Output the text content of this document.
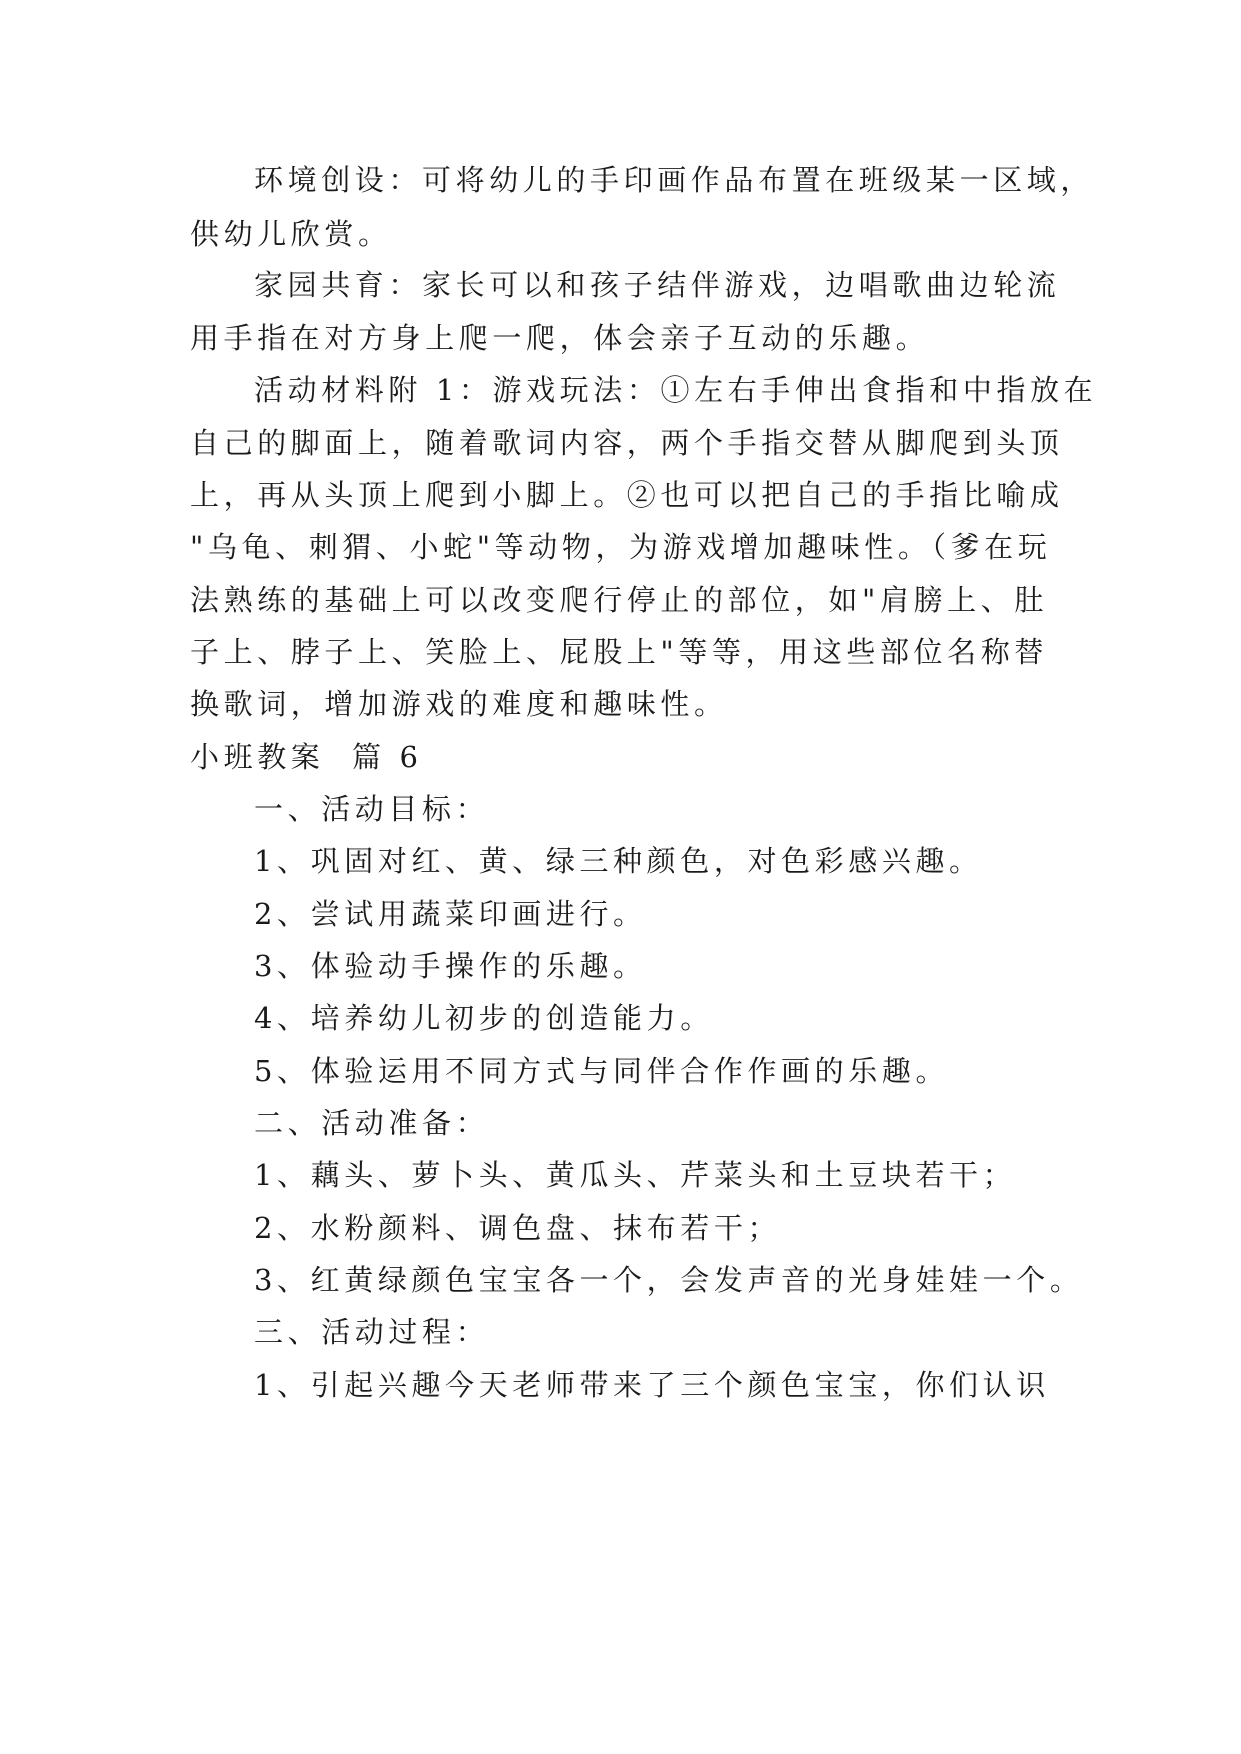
环境创设：可将幼儿的手印画作品布置在班级某一区域，
供幼儿欣赏。
家园共育：家长可以和孩子结伴游戏，边唱歌曲边轮流
用手指在对方身上爬一爬，体会亲子互动的乐趣。
活动材料附 1：游戏玩法：①左右手伸出食指和中指放在
自己的脚面上，随着歌词内容，两个手指交替从脚爬到头顶
上，再从头顶上爬到小脚上。②也可以把自己的手指比喻成
"乌龟、刺猬、小蛇"等动物，为游戏增加趣味性。（爹在玩
法熟练的基础上可以改变爬行停止的部位，如"肩膀上、肚
子上、脖子上、笑脸上、屁股上"等等，用这些部位名称替
换歌词，增加游戏的难度和趣味性。
小班教案  篇 6
一、活动目标：
1、巩固对红、黄、绿三种颜色，对色彩感兴趣。
2、尝试用蔬菜印画进行。
3、体验动手操作的乐趣。
4、培养幼儿初步的创造能力。
5、体验运用不同方式与同伴合作作画的乐趣。
二、活动准备：
1、藕头、萝卜头、黄瓜头、芹菜头和土豆块若干；
2、水粉颜料、调色盘、抹布若干；
3、红黄绿颜色宝宝各一个，会发声音的光身娃娃一个。
三、活动过程：
1、引起兴趣今天老师带来了三个颜色宝宝，你们认识
